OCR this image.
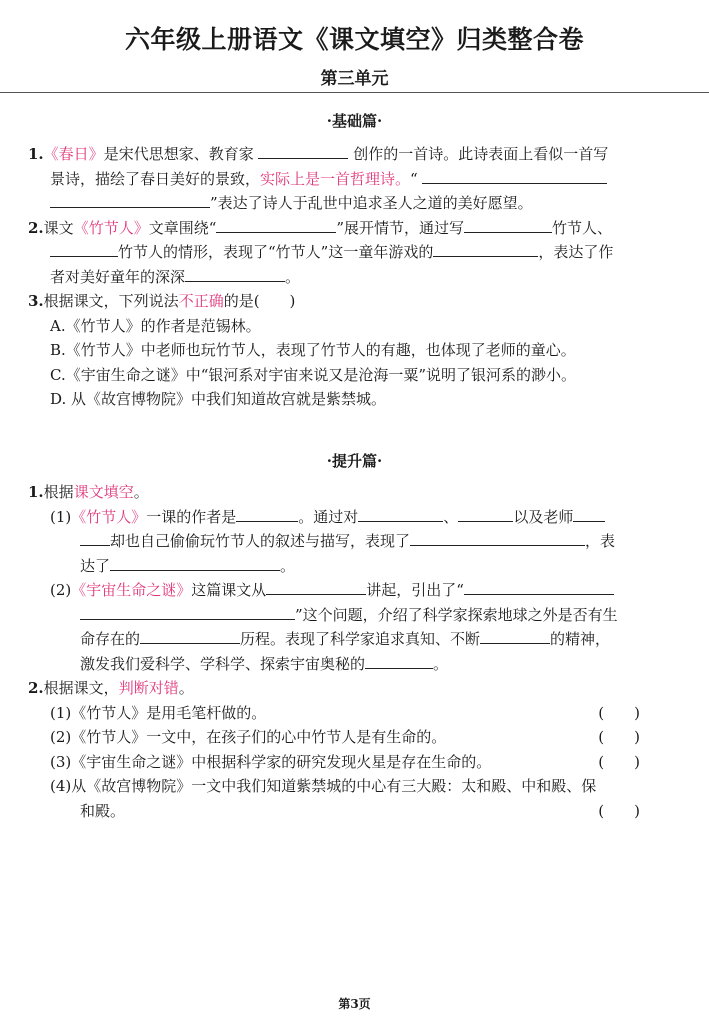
六年级上册语文《课文填空》归类整合卷
第三单元
·基础篇·
1.《春日》是宋代思想家、教育家	创作的一首诗。此诗表面上看似一首写
景诗，描绘了春日美好的景致，实际上是一首哲理诗。“
”表达了诗人于乱世中追求圣人之道的美好愿望。
2.课文《竹节人》文章围绕“	”展开情节，通过写	竹节人、
竹节人的情形，表现了“竹节人”这一童年游戏的	，表达了作
者对美好童年的深深	。
3.根据课文，下列说法不正确的是(　　)
A.《竹节人》的作者是范锡林。
B.《竹节人》中老师也玩竹节人，表现了竹节人的有趣，也体现了老师的童心。
C.《宇宙生命之谜》中“银河系对宇宙来说又是沧海一粟”说明了银河系的渺小。
D. 从《故宫博物院》中我们知道故宫就是紫禁城。
·提升篇·
1.根据课文填空。
(1)《竹节人》一课的作者是	。通过对	、	以及老师
却也自己偷偷玩竹节人的叙述与描写，表现了	，表
达了	。
(2)《宇宙生命之谜》这篇课文从	讲起，引出了“
”这个问题，介绍了科学家探索地球之外是否有生
命存在的	历程。表现了科学家追求真知、不断	的精神，
激发我们爱科学、学科学、探索宇宙奥秘的	。
2.根据课文，判断对错。
(1)《竹节人》是用毛笔杆做的。	(　　)
(2)《竹节人》一文中，在孩子们的心中竹节人是有生命的。	(　　)
(3)《宇宙生命之谜》中根据科学家的研究发现火星是存在生命的。	(　　)
(4)从《故宫博物院》一文中我们知道紫禁城的中心有三大殿：太和殿、中和殿、保
和殿。	(　　)
第3页
